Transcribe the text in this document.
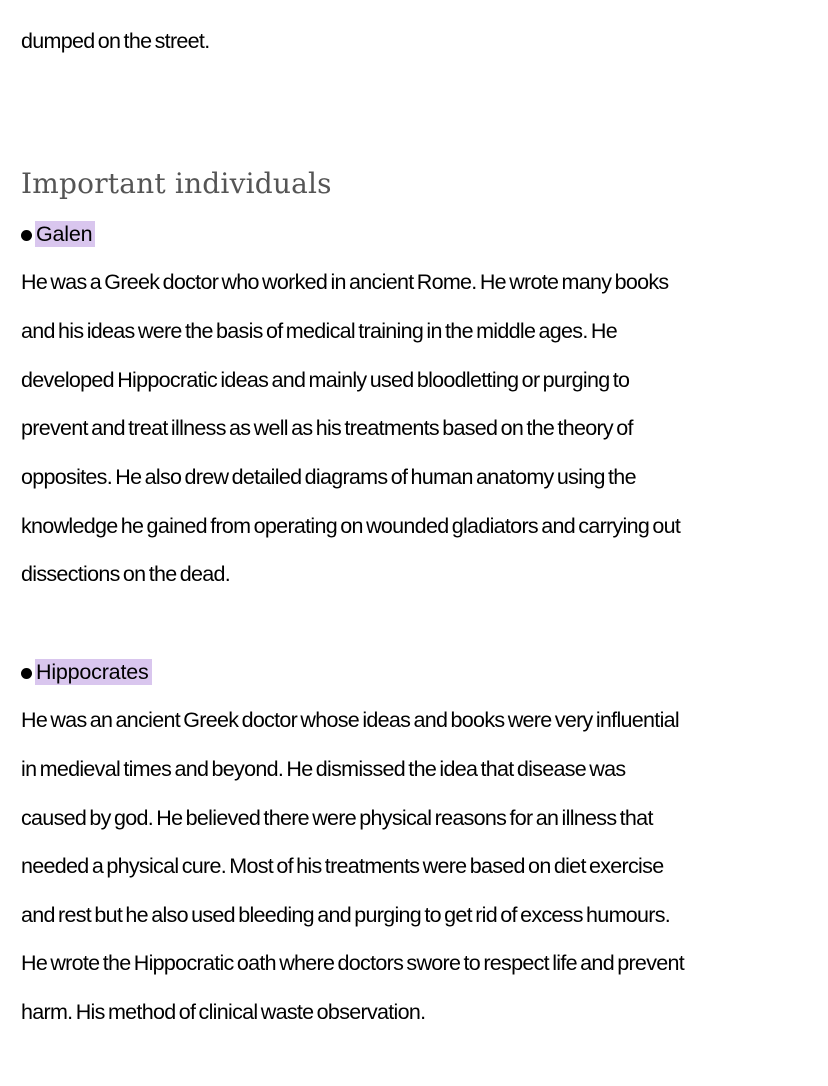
dumped on the street.
Important individuals
Galen
He was a Greek doctor who worked in ancient Rome. He wrote many books
and his ideas were the basis of medical training in the middle ages. He
developed Hippocratic ideas and mainly used bloodletting or purging to
prevent and treat illness as well as his treatments based on the theory of
opposites. He also drew detailed diagrams of human anatomy using the
knowledge he gained from operating on wounded gladiators and carrying out
dissections on the dead.
Hippocrates
He was an ancient Greek doctor whose ideas and books were very influential
in medieval times and beyond. He dismissed the idea that disease was
caused by god. He believed there were physical reasons for an illness that
needed a physical cure. Most of his treatments were based on diet exercise
and rest but he also used bleeding and purging to get rid of excess humours.
He wrote the Hippocratic oath where doctors swore to respect life and prevent
harm. His method of clinical waste observation.
